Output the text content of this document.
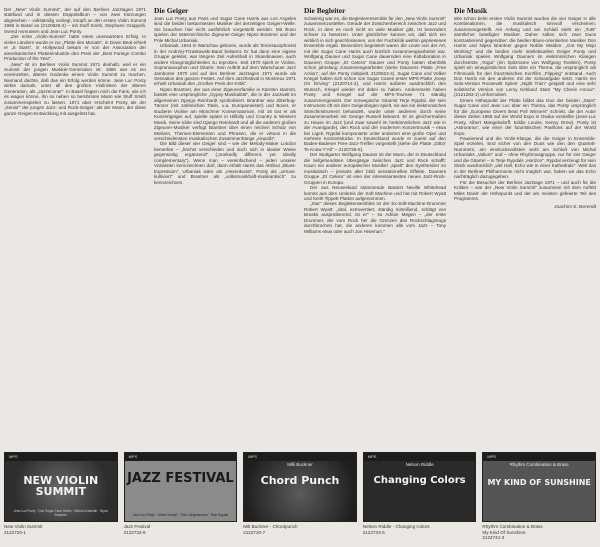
Der „New" Violin Summit", der auf den Berliner Jazztagen 1971 stattfand und in diesem Doppelalbum – von zwei Kürzungen abgesehen – vollständig vorliegt, knüpft an den ersten Violin Summit 1966 in Basel an (2120626-2) – mit Stuff Smith, Stephane Grappelli, Svend Asmussen und Jean Luc Ponty.

„Der erste „Violin-Summit" hatte einen unerwarteten Erfolg. In vielen Ländern wurde er zur „Platte des Monats", in Down Beat erhielt er „5 Stars", in Hollywood bekam er von der Association der amerikanischen Plattenindustrie den Preis der „Best Foreign Combo Production of the Year".

„New" ist im Berliner Violin Summit 1971 deshalb, weil er ein Summit der jungen Musiker-Generation ist: 1966 war es ein vereinzeltes, älteres Gedenke einem Violin Summit zu machen. Niemand dachte, daß das ein Erfolg werden könne. Jean Luc Ponty wirkte damals, unter all den großen Violinisten der älteren Generation, als „Jazzeconer". In Basel fragten mich die Fans, wie ich es wagen könne, ihn so neben so berühmten Mann wie Stuff Smith zusammenspielen zu lassen. 1971 aber erscheint Ponty als der „Senior" der jungen Jazz- und Rock-Geiger: als der Mann, der diese ganze Geigen-Entwicklung mit ausgelöst hat.

Die Geiger

Jean Luc Ponty aus Paris und Sugar Cane Harris aus Los Angeles sind die beiden bekanntesten Musiker der derzeitigen Geigen-Welle. Sie brauchen hier nicht ausführlich vorgestellt werden. Mit ihnen spielen der österreichische Zigeuner-Geiger Nipso Brantner und der Pole Michal Urbaniak.

Urbaniak, 1943 in Warschau geboren, wurde als Tenorsaxophonist in der Andrzej-Trzaskowski-Band bekannt. Er hat dann eine eigene Gruppe geleitet, war längere Zeit Aufenthalt in Skandinavien, auch andere Klangmöglichkeiten zu erproben. Seit 1970 spielt er Violine, Sopransaxophon und Gitarre. Sein Auftritt auf dem Warschauer Jazz Jamboree 1970 und auf den Berliner Jazztagen 1971 wurde als Sensation des ganzen Festes. Auf dem Jazzfestival in Montreux 1971 erhielt Urbaniak den „Großen Preis der Kritik".

Nipso Brantner, der aus einer Zigeunerfamilie in Kärnten stammt, bastelt eine ursprüngliche „Gypsy-Musikalität", die in der Jazzwelt im allgemeinen Django Reinhardt symbolisiert. Brantner war Zitterbug-Tänzer (mit zahlreichen Titeln, u.a. Europameister) und Boxer, er studierte Violine am Münchner Konservatorium, mit 16 trat er als Konzertgeiger auf, spielte später in Hillbilly und Country & Western Musik. Seine Idole sind Django Reinhardt und all die anderen großen Zigeuner-Musiker verfügt Brantner über einen reichen Schatz von Motiven, Themen-Elementen und Phrasen, die er virtuos in die verschiedensten musikalischen Zusammenhänge „einpaßt".

Die Bild dieser vier Geiger sind – wie der Melody-Maker London bemerkte – „höchst verschieden und doch sich in idealer Weise gegenseitig ergänzend" („markedly different, yet ideally complementary"). Wenn man – vereinfachend – jeden unserer Violinisten kennzeichnen darf, dann erhält Harris das Attribut „Blues-Expression", Urbaniak wäre als „Hexenkunst", Ponty als „virtuos-kultiviert" und Brantner als „volksmusikhaft-musikantisch" zu kennzeichnen.

Die Begleiter

Schwierig war es, die Begleiterensemble für den „New Violin Summit" zusammenzustellen. Gerade der Zwischenbereich zwischen Jazz und Rock, in dem es noch nicht so viele Musiker gibt, ist besonders schwer zu besetzen. Unter glücklicher kannen wir, daß sich ein wirklich in sich geschlossenes, von der Fachkritik weithin gepriesenes Ensemble ergab. Besonders begeistert waren die Leute von der Art, mit der Sugar Cane Harris auch kürzlich zusammengearbeitet war. Wolfgang Dauner und Sugar Cane dauernden eine Kollaboration in Daunern Gruppe „Et Cetera" Dauner und Ponty hatten ebenfalls schon jahrelang zusammengearbeitet (siehe Daunens Platte „Free Action", auf der Ponty mitspielt, 2120624-4). Sugar Cane und Volker Kriegel hatten sich schon von Sugar Canes erster MPS-Platte „Keep On Driving" (2120714-2), und Harris außerte ausdrücklich den Wunsch, Kriegel wieder mit dabei zu haben. Andererseits haben Ponty und Kriegel auf der MPS-Tournee 71 ständig zusammengewirkt. Der norwegische Gitarrist Terje Rypdal, der sein Instrument oft mit dem Geigenbogen spielt, sie wie ein elektronisches Streichinstrument behandelt, wurde unter anderem durch seine Zusammenarbeit mit George Russell bekannt. Er ist gleichermaßen zu Hause im Jazz (und zwar sowohl im herkömmlichen Jazz wie in der Avantgarde), den Rock und der modernen Konzertmusik – etwa bei Ligeti. Rypdal komponierte unter anderem eine große Oper und mehrere Konzertstücke. In Deutschland wurde er zuerst auf den Baden-Badener Free-Jazz-Treffen vorgestellt (siehe die Platte „Gittin' To Know Y'All" – 2120726-5).

Der Stuttgarter Wolfgang Dauner ist der Mann, der in Deutschland die tiefgehendsten Übergänge zwischen Jazz und Rock schafft: Kaum ein anderer europäischer Musiker „spielt" den Synthesizer so musikalisch – jenseits aller bloß sensationellen Effekte. Dauners Gruppe „Et Cetera" ist eine der interessantesten neuen Jazz-Rock-Gruppen in Europa.

Der aus Neuseeland stammende Bassist Neville Whitehead kommt aus dem Umkreis der Soft Machine und hat mit Robert Wyatt und Keith Tippett Platten aufgenommen.

„Star" dieses Begleitensembles ist der Ex-Soft-Machine-Drummer Robert Wyatt: „vital, extrovertiert, ständig mitreißend, schlägt von Breaks ausprobierend, ist er" – so Adrian Megen – „der erste Drummer, der vom Rock her die Grenzen des Rockschlagzeugs durchbrochen hat, die anderen kommen alle vom Jazz – Tony Williams etwa oder auch Jon Hiseman."

Die Musik

Wie schon beim ersten Violin Summit wurden die vier Geiger in alle Kombinationen, die musikalisch sinnvoll erscheinen, zusammengestellt. Am Anfang und am Schluß steht ein „Tutti" sämtlicher beteiligter Musiker. Daher sollen sich zwei Duos kontrastierend gegenüber: die beiden Blues-orientierten Musiker Don Harris und Nipso Brantner gegen Nobile Walden: „Got My Mojo Working" und die beiden mehr intellektuellen Geiger Ponty und Urbaniak spielen Wolfgang Dauners im elektronischen Klangen durchsetzte „Yogui" (ein Spitzname von Wolfgang Tootlein). Ponty spielt ein einegoistisches Solo über ein Thema, die ursprünglich als Filmmusik für den französischen Kurzfilm „Flipping" entstand. Auch Don Harris ein den anderen mit der Soloaufgabe setzt. Harris ein Solo-Version Roosevelt Sykes' „Night Train" gespielt und eine sehr solistische Version von Leroy Kirkland Stars "My Cherie Amour". (2121283-1) umformuliert.

Einem Höhepunkt der Platte bildet das Duo der beiden „Stars" Sugar Cane und Jean Luc über ein Thema, das Ponty ursprünglich für die „European Divers Beat Poll Winners" schrieb, die der Autor dieser Zeilen 1969 auf der World Expo in Osaka vorstellte (Jean-Luc Ponty, Albert Mangelsdorff, Eddie Louiss, Kenny Drew). Ponty ist „Astrorama", wie einer der futuristischen Pavillons auf der World Expo.

Pausierend und die Violin-Klänge, die die Geiger in Ensemble-Spiel erzielen, sind sicher von den Duos wie den den Quartett-Nummern, am eindrucksvollsten wohl am Schluß von Michal Urbaniaks „Valium" und – ohne Rhythmusgruppe, nur für vier Geiger und die Gitarre! – in Terje Rypdals „Horizon". Rypdal verzeugt für sein Stück ausdrücklich „viel Hall, Echo wie in einer Kathedrale". Weil das in der Berliner Philharmonie nicht möglich war, haben wir das Echo nachträglich dazugegeben.

Für die Besucher der Berliner Jazztage 1971 – und auch für die Kritiker – war der „New Violin Summit" zusammen mit dem Auftritt Miles Davis' der Höhepunkt und der am meisten gefeierte Teil des Programms.

Joachim E. Berendt
MPS
NEW VIOLIN SUMMIT
Jean Luc Ponty · Don Sugar Cane Harris · Michal Urbaniak · Nipso Brantner
New Violin Summit
2122720-1
MPS
JAZZ FESTIVAL
Jean Luc Ponty · Volker Kriegel · Theo Jörgensmann · Terje Rypdal
Jazz Festival
2122733-6
MPS
Milli Buckner
Chord Punch
Milt Buckner · Chordpunch
2122720-7
MPS
Nelson Riddle
Changing Colors
Nelson Riddle · Changing Colors
2122733-5
MPS
Rhythm Combination & Brass
MY KIND OF SUNSHINE
Rhythm Combination & Brass
My Kind Of Sunshine
2122741-3
